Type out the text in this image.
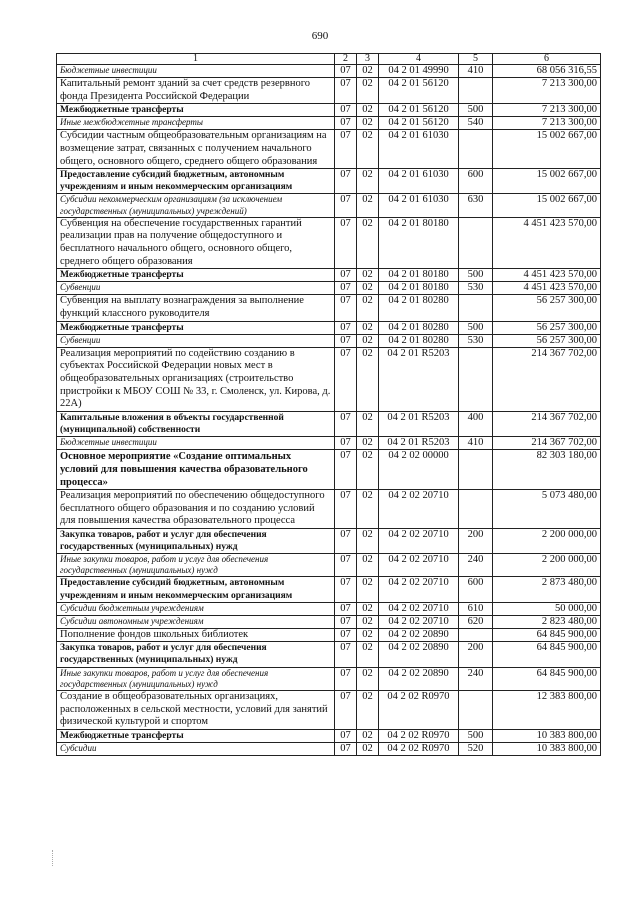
690
1	2	3	4	5	6
Бюджетные инвестиции	07	02	04 2 01 49990	410	68 056 316,55
Капитальный ремонт зданий за счет средств резервного фонда Президента Российской Федерации	07	02	04 2 01 56120		7 213 300,00
Межбюджетные трансферты	07	02	04 2 01 56120	500	7 213 300,00
Иные межбюджетные трансферты	07	02	04 2 01 56120	540	7 213 300,00
Субсидии частным общеобразовательным организациям на возмещение затрат, связанных с получением начального общего, основного общего, среднего общего образования	07	02	04 2 01 61030		15 002 667,00
Предоставление субсидий бюджетным, автономным учреждениям и иным некоммерческим организациям	07	02	04 2 01 61030	600	15 002 667,00
Субсидии некоммерческим организациям (за исключением государственных (муниципальных) учреждений)	07	02	04 2 01 61030	630	15 002 667,00
Субвенция на обеспечение государственных гарантий реализации прав на получение общедоступного и бесплатного начального общего, основного общего, среднего общего образования	07	02	04 2 01 80180		4 451 423 570,00
Межбюджетные трансферты	07	02	04 2 01 80180	500	4 451 423 570,00
Субвенции	07	02	04 2 01 80180	530	4 451 423 570,00
Субвенция на выплату вознаграждения за выполнение функций классного руководителя	07	02	04 2 01 80280		56 257 300,00
Межбюджетные трансферты	07	02	04 2 01 80280	500	56 257 300,00
Субвенции	07	02	04 2 01 80280	530	56 257 300,00
Реализация мероприятий по содействию созданию в субъектах Российской Федерации новых мест в общеобразовательных организациях (строительство пристройки к МБОУ СОШ № 33, г. Смоленск, ул. Кирова, д. 22А)	07	02	04 2 01 R5203		214 367 702,00
Капитальные вложения в объекты государственной (муниципальной) собственности	07	02	04 2 01 R5203	400	214 367 702,00
Бюджетные инвестиции	07	02	04 2 01 R5203	410	214 367 702,00
Основное мероприятие «Создание оптимальных условий для повышения качества образовательного процесса»	07	02	04 2 02 00000		82 303 180,00
Реализация мероприятий по обеспечению общедоступного бесплатного общего образования и по созданию условий для повышения качества образовательного процесса	07	02	04 2 02 20710		5 073 480,00
Закупка товаров, работ и услуг для обеспечения государственных (муниципальных) нужд	07	02	04 2 02 20710	200	2 200 000,00
Иные закупки товаров, работ и услуг для обеспечения государственных (муниципальных) нужд	07	02	04 2 02 20710	240	2 200 000,00
Предоставление субсидий бюджетным, автономным учреждениям и иным некоммерческим организациям	07	02	04 2 02 20710	600	2 873 480,00
Субсидии бюджетным учреждениям	07	02	04 2 02 20710	610	50 000,00
Субсидии автономным учреждениям	07	02	04 2 02 20710	620	2 823 480,00
Пополнение фондов школьных библиотек	07	02	04 2 02 20890		64 845 900,00
Закупка товаров, работ и услуг для обеспечения государственных (муниципальных) нужд	07	02	04 2 02 20890	200	64 845 900,00
Иные закупки товаров, работ и услуг для обеспечения государственных (муниципальных) нужд	07	02	04 2 02 20890	240	64 845 900,00
Создание в общеобразовательных организациях, расположенных в сельской местности, условий для занятий физической культурой и спортом	07	02	04 2 02 R0970		12 383 800,00
Межбюджетные трансферты	07	02	04 2 02 R0970	500	10 383 800,00
Субсидии	07	02	04 2 02 R0970	520	10 383 800,00
